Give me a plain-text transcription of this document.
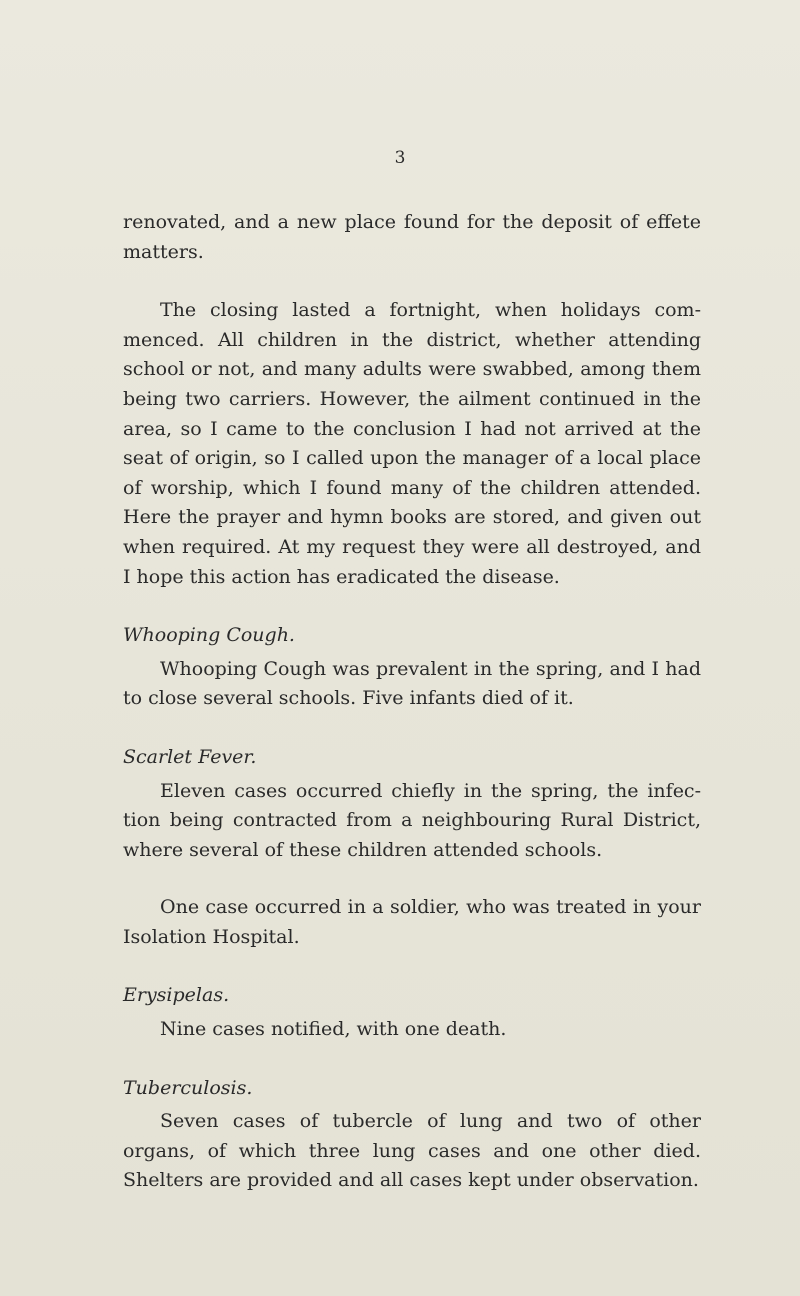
3

renovated, and a new place found for the deposit of effete matters.

The closing lasted a fortnight, when holidays com- menced. All children in the district, whether attending school or not, and many adults were swabbed, among them being two carriers. However, the ailment continued in the area, so I came to the conclusion I had not arrived at the seat of origin, so I called upon the manager of a local place of worship, which I found many of the children attended. Here the prayer and hymn books are stored, and given out when required. At my request they were all destroyed, and I hope this action has eradicated the disease.

Whooping Cough.

Whooping Cough was prevalent in the spring, and I had to close several schools. Five infants died of it.

Scarlet Fever.

Eleven cases occurred chiefly in the spring, the infec- tion being contracted from a neighbouring Rural District, where several of these children attended schools.

One case occurred in a soldier, who was treated in your Isolation Hospital.

Erysipelas.

Nine cases notified, with one death.

Tuberculosis.

Seven cases of tubercle of lung and two of other organs, of which three lung cases and one other died. Shelters are provided and all cases kept under observation.
